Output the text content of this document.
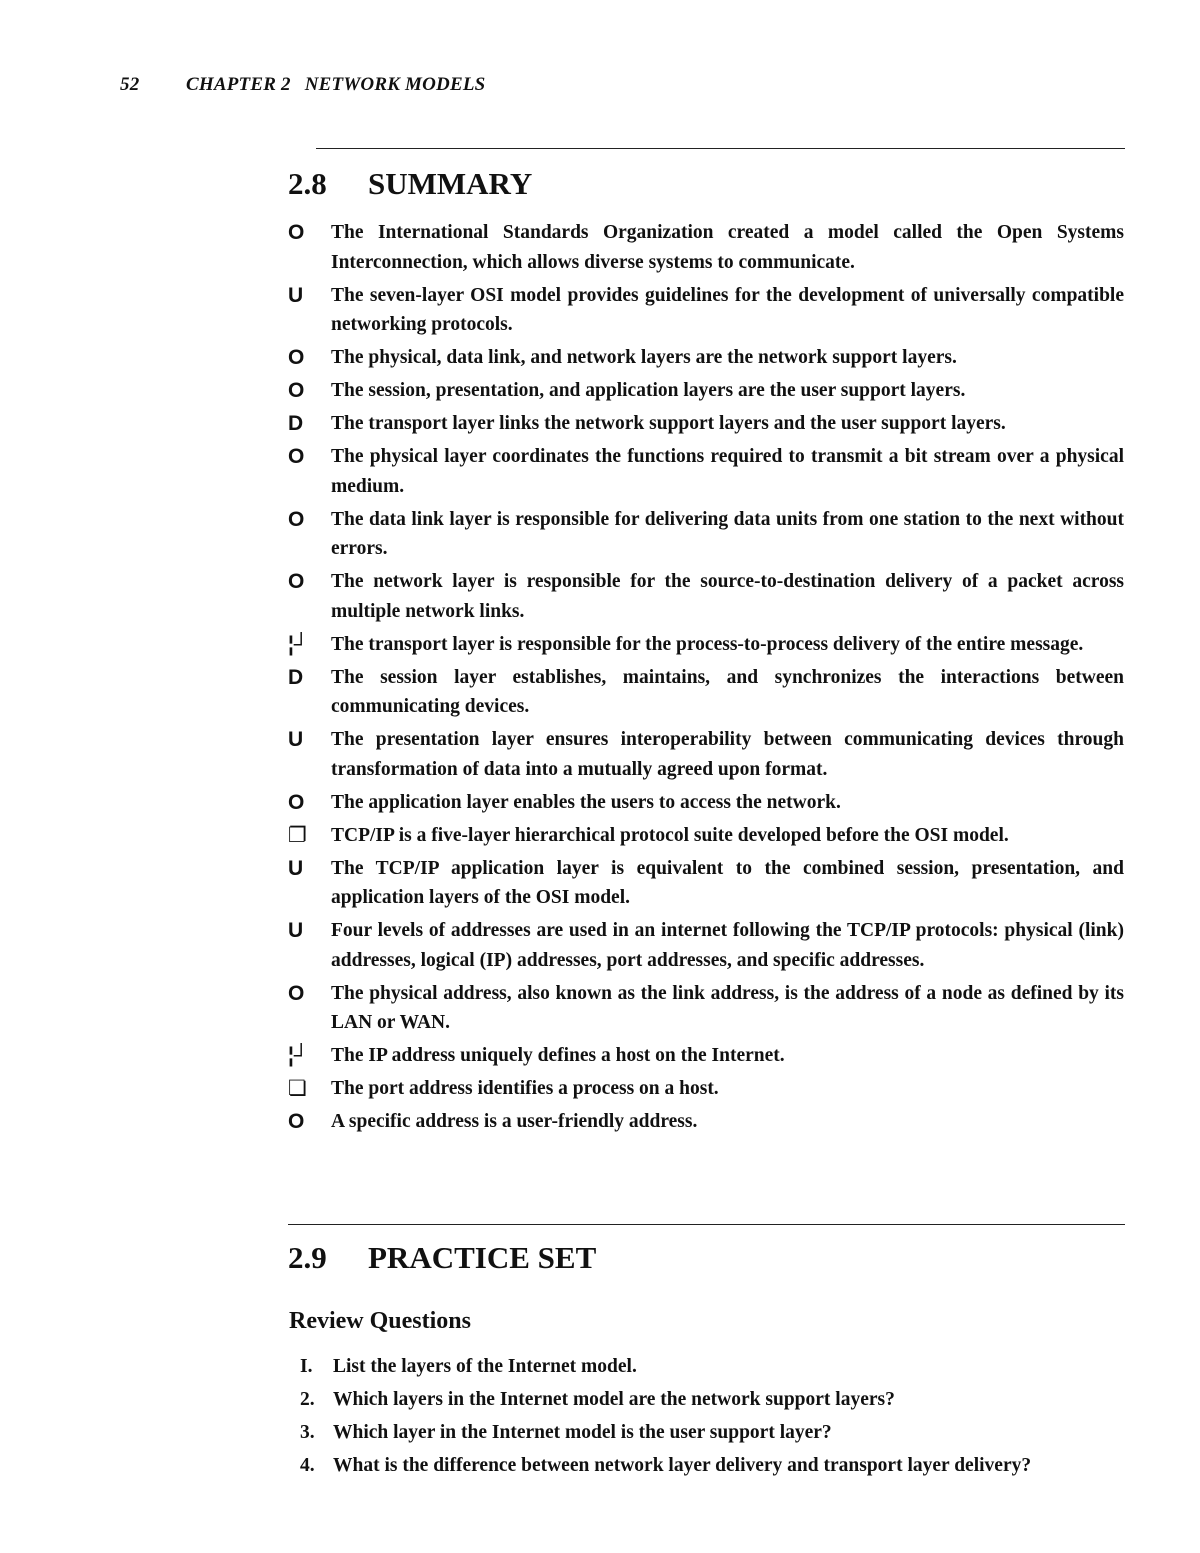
52 CHAPTER 2 NETWORK MODELS
2.8 SUMMARY
O	The International Standards Organization created a model called the Open Systems Interconnection, which allows diverse systems to communicate.
U	The seven-layer OSI model provides guidelines for the development of universally compatible networking protocols.
O	The physical, data link, and network layers are the network support layers.
O	The session, presentation, and application layers are the user support layers.
D	The transport layer links the network support layers and the user support layers.
O	The physical layer coordinates the functions required to transmit a bit stream over a physical medium.
O	The data link layer is responsible for delivering data units from one station to the next without errors.
O	The network layer is responsible for the source-to-destination delivery of a packet across multiple network links.
¦┘	The transport layer is responsible for the process-to-process delivery of the entire message.
D	The session layer establishes, maintains, and synchronizes the interactions between communicating devices.
U	The presentation layer ensures interoperability between communicating devices through transformation of data into a mutually agreed upon format.
O	The application layer enables the users to access the network.
❐	TCP/IP is a five-layer hierarchical protocol suite developed before the OSI model.
U	The TCP/IP application layer is equivalent to the combined session, presentation, and application layers of the OSI model.
U	Four levels of addresses are used in an internet following the TCP/IP protocols: physical (link) addresses, logical (IP) addresses, port addresses, and specific addresses.
O	The physical address, also known as the link address, is the address of a node as defined by its LAN or WAN.
¦┘	The IP address uniquely defines a host on the Internet.
❏	The port address identifies a process on a host.
O	A specific address is a user-friendly address.
2.9 PRACTICE SET
Review Questions
I.	List the layers of the Internet model.
2. Which layers in the Internet model are the network support layers?
3. Which layer in the Internet model is the user support layer?
4. What is the difference between network layer delivery and transport layer delivery?
